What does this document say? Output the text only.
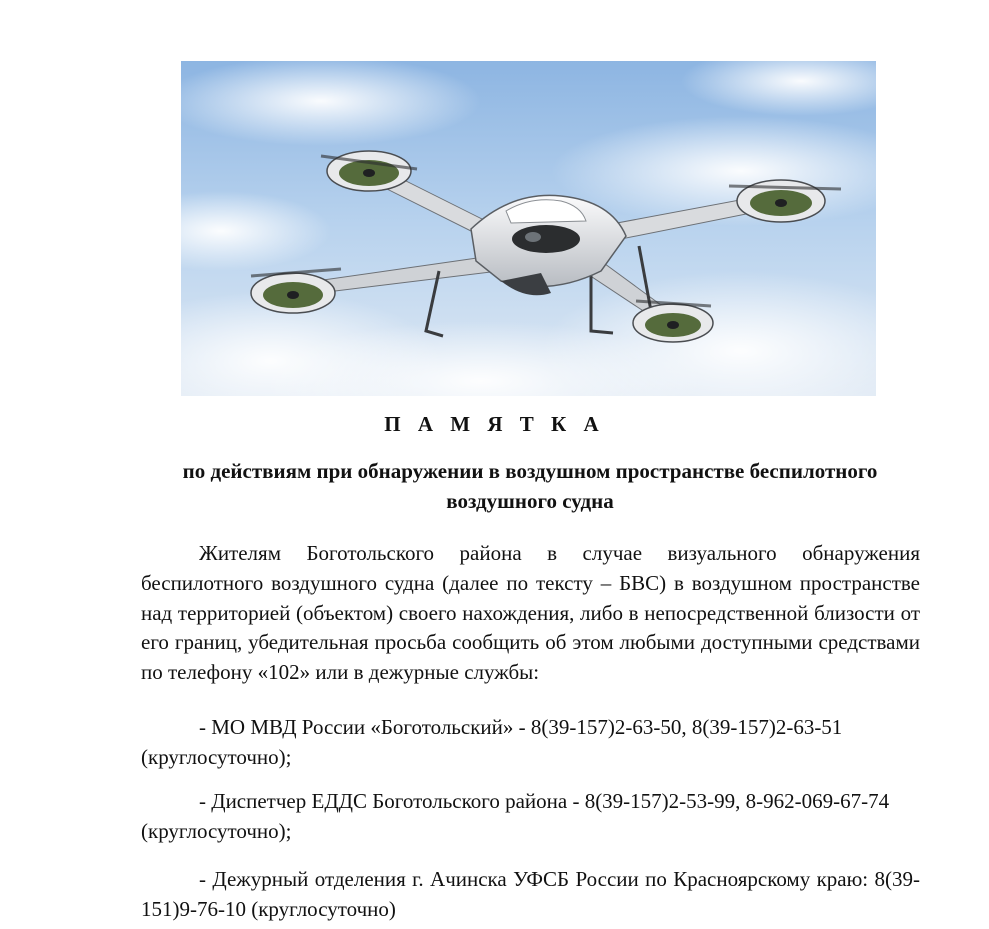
П А М Я Т К А
по действиям при обнаружении в воздушном пространстве беспилотного воздушного судна

Жителям Боготольского района в случае визуального обнаружения беспилотного воздушного судна (далее по тексту – БВС) в воздушном пространстве над территорией (объектом) своего нахождения, либо в непосредственной близости от его границ, убедительная просьба сообщить об этом любыми доступными средствами по телефону «102» или в дежурные службы:

- МО МВД России «Боготольский» - 8(39-157)2-63-50, 8(39-157)2-63-51 (круглосуточно);

- Диспетчер ЕДДС Боготольского района - 8(39-157)2-53-99, 8-962-069-67-74 (круглосуточно);

- Дежурный отделения г. Ачинска УФСБ России по Красноярскому краю: 8(39-151)9-76-10 (круглосуточно)
